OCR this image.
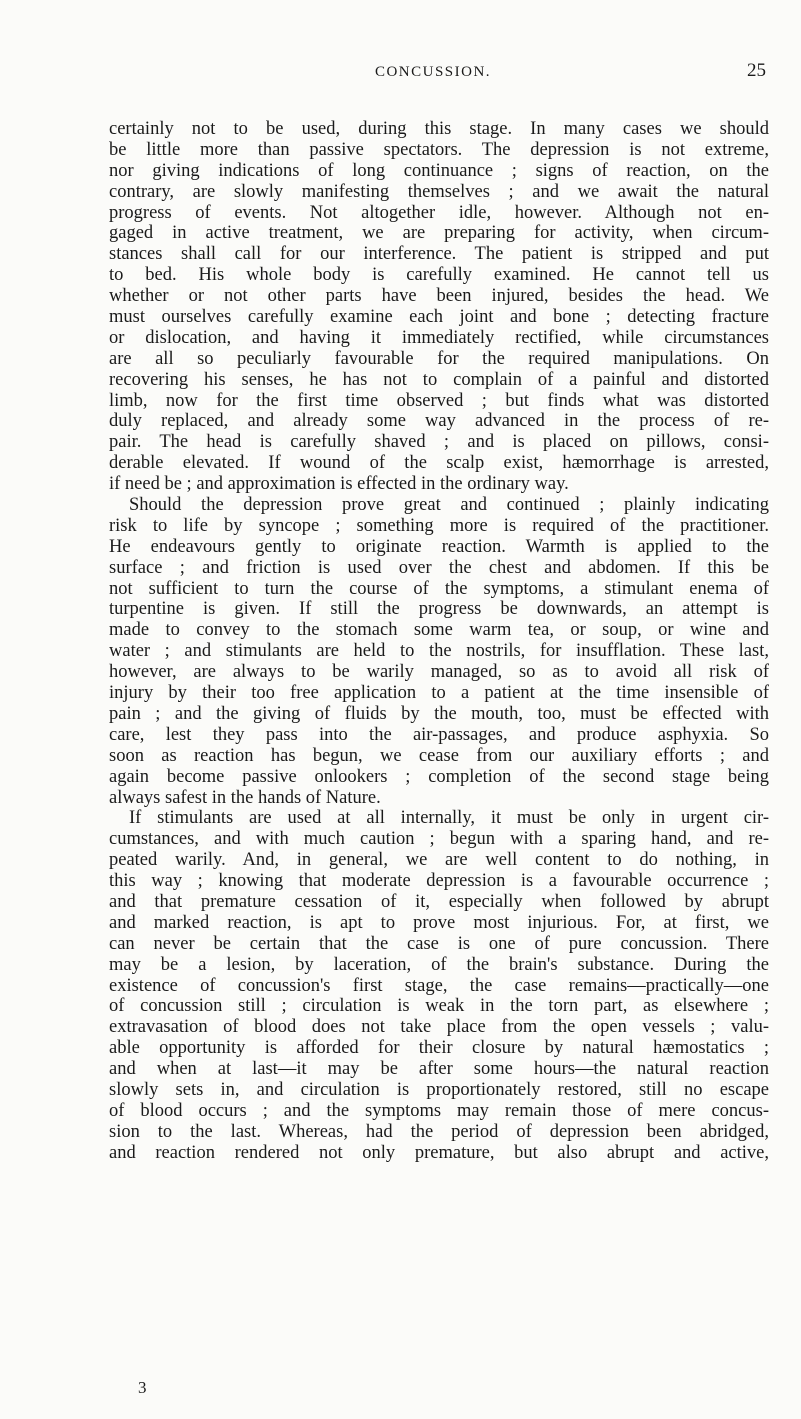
CONCUSSION.	25
certainly not to be used, during this stage. In many cases we should
be little more than passive spectators. The depression is not extreme,
nor giving indications of long continuance ; signs of reaction, on the
contrary, are slowly manifesting themselves ; and we await the natural
progress of events. Not altogether idle, however. Although not en-
gaged in active treatment, we are preparing for activity, when circum-
stances shall call for our interference. The patient is stripped and put
to bed. His whole body is carefully examined. He cannot tell us
whether or not other parts have been injured, besides the head. We
must ourselves carefully examine each joint and bone ; detecting fracture
or dislocation, and having it immediately rectified, while circumstances
are all so peculiarly favourable for the required manipulations. On
recovering his senses, he has not to complain of a painful and distorted
limb, now for the first time observed ; but finds what was distorted
duly replaced, and already some way advanced in the process of re-
pair. The head is carefully shaved ; and is placed on pillows, consi-
derable elevated. If wound of the scalp exist, hæmorrhage is arrested,
if need be ; and approximation is effected in the ordinary way.
Should the depression prove great and continued ; plainly indicating
risk to life by syncope ; something more is required of the practitioner.
He endeavours gently to originate reaction. Warmth is applied to the
surface ; and friction is used over the chest and abdomen. If this be
not sufficient to turn the course of the symptoms, a stimulant enema of
turpentine is given. If still the progress be downwards, an attempt is
made to convey to the stomach some warm tea, or soup, or wine and
water ; and stimulants are held to the nostrils, for insufflation. These last,
however, are always to be warily managed, so as to avoid all risk of
injury by their too free application to a patient at the time insensible of
pain ; and the giving of fluids by the mouth, too, must be effected with
care, lest they pass into the air-passages, and produce asphyxia. So
soon as reaction has begun, we cease from our auxiliary efforts ; and
again become passive onlookers ; completion of the second stage being
always safest in the hands of Nature.
If stimulants are used at all internally, it must be only in urgent cir-
cumstances, and with much caution ; begun with a sparing hand, and re-
peated warily. And, in general, we are well content to do nothing, in
this way ; knowing that moderate depression is a favourable occurrence ;
and that premature cessation of it, especially when followed by abrupt
and marked reaction, is apt to prove most injurious. For, at first, we
can never be certain that the case is one of pure concussion. There
may be a lesion, by laceration, of the brain's substance. During the
existence of concussion's first stage, the case remains—practically—one
of concussion still ; circulation is weak in the torn part, as elsewhere ;
extravasation of blood does not take place from the open vessels ; valu-
able opportunity is afforded for their closure by natural hæmostatics ;
and when at last—it may be after some hours—the natural reaction
slowly sets in, and circulation is proportionately restored, still no escape
of blood occurs ; and the symptoms may remain those of mere concus-
sion to the last. Whereas, had the period of depression been abridged,
and reaction rendered not only premature, but also abrupt and active,
3
